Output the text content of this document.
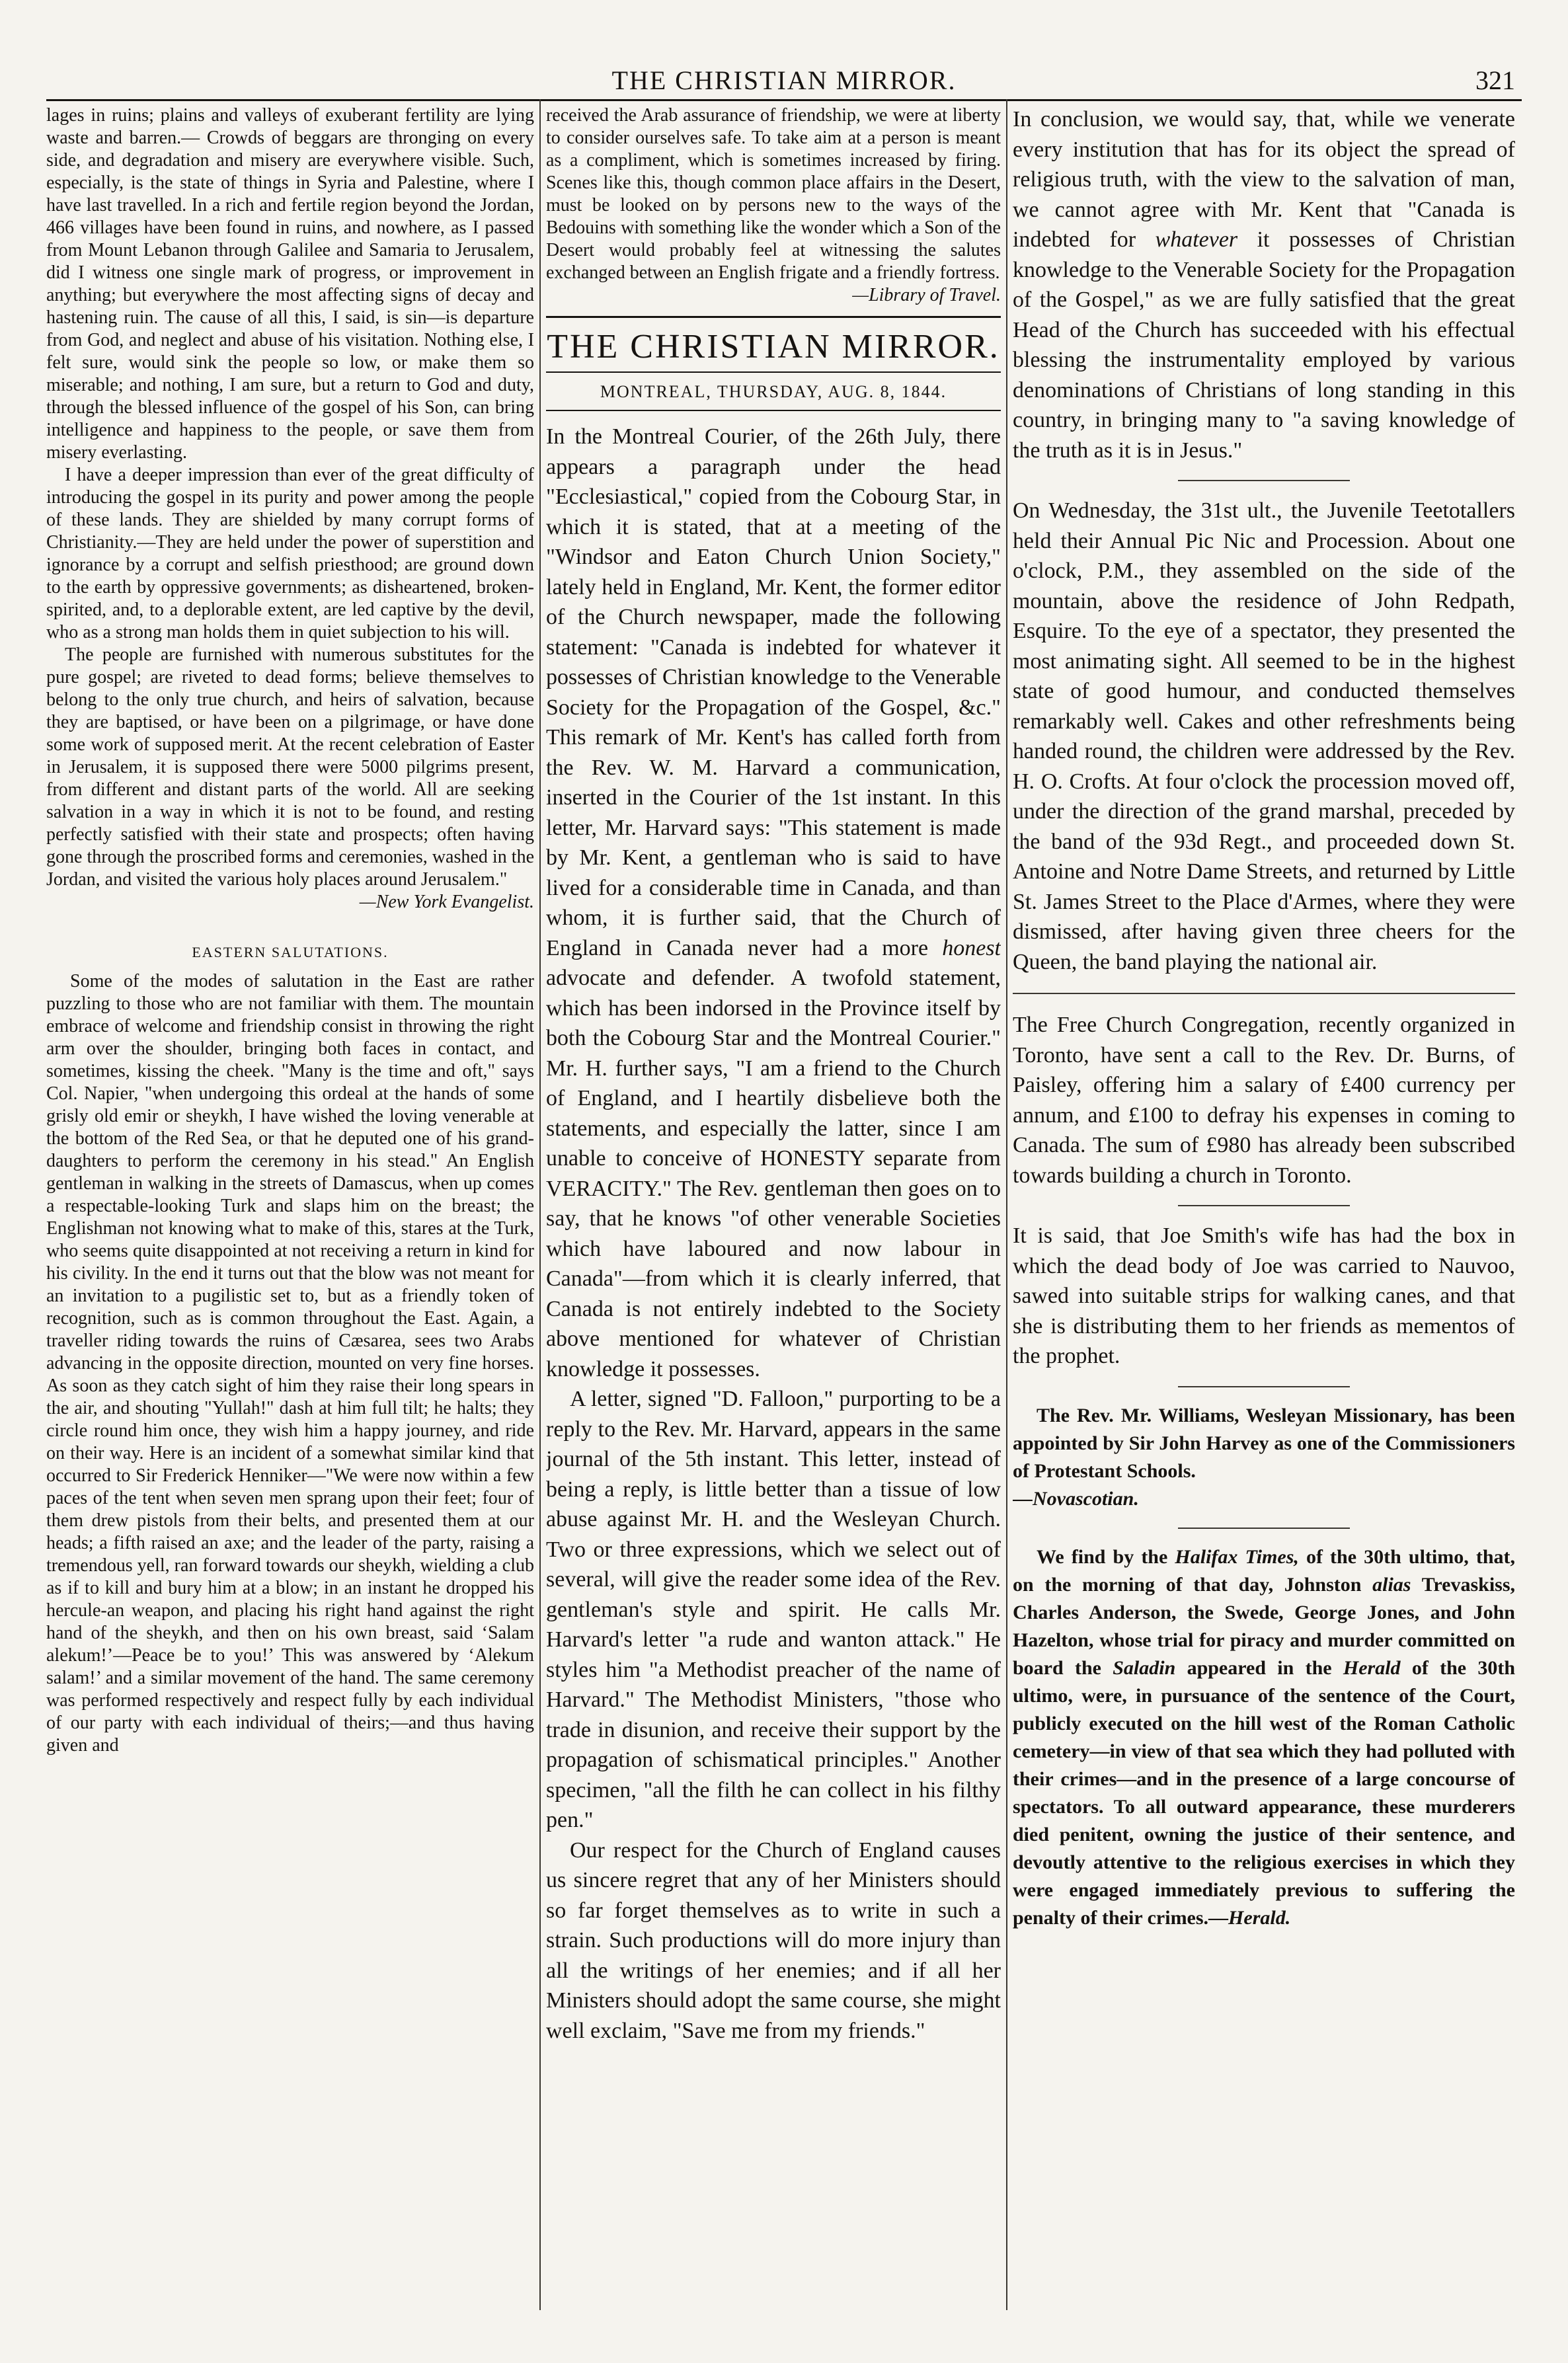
THE CHRISTIAN MIRROR.	321

lages in ruins; plains and valleys of exuberant fertility are lying waste and barren.— Crowds of beggars are thronging on every side, and degradation and misery are everywhere visible. Such, especially, is the state of things in Syria and Palestine, where I have last travelled. In a rich and fertile region beyond the Jordan, 466 villages have been found in ruins, and nowhere, as I passed from Mount Lebanon through Galilee and Samaria to Jerusalem, did I witness one single mark of progress, or improvement in anything; but everywhere the most affecting signs of decay and hastening ruin. The cause of all this, I said, is sin—is departure from God, and neglect and abuse of his visitation. Nothing else, I felt sure, would sink the people so low, or make them so miserable; and nothing, I am sure, but a return to God and duty, through the blessed influence of the gospel of his Son, can bring intelligence and happiness to the people, or save them from misery everlasting.

I have a deeper impression than ever of the great difficulty of introducing the gospel in its purity and power among the people of these lands. They are shielded by many corrupt forms of Christianity.—They are held under the power of superstition and ignorance by a corrupt and selfish priesthood; are ground down to the earth by oppressive governments; as disheartened, broken-spirited, and, to a deplorable extent, are led captive by the devil, who as a strong man holds them in quiet subjection to his will.

The people are furnished with numerous substitutes for the pure gospel; are riveted to dead forms; believe themselves to belong to the only true church, and heirs of salvation, because they are baptised, or have been on a pilgrimage, or have done some work of supposed merit. At the recent celebration of Easter in Jerusalem, it is supposed there were 5000 pilgrims present, from different and distant parts of the world. All are seeking salvation in a way in which it is not to be found, and resting perfectly satisfied with their state and prospects; often having gone through the proscribed forms and ceremonies, washed in the Jordan, and visited the various holy places around Jerusalem."

—New York Evangelist.

EASTERN SALUTATIONS.

Some of the modes of salutation in the East are rather puzzling to those who are not familiar with them. The mountain embrace of welcome and friendship consist in throwing the right arm over the shoulder, bringing both faces in contact, and sometimes, kissing the cheek. "Many is the time and oft," says Col. Napier, "when undergoing this ordeal at the hands of some grisly old emir or sheykh, I have wished the loving venerable at the bottom of the Red Sea, or that he deputed one of his grand-daughters to perform the ceremony in his stead." An English gentleman in walking in the streets of Damascus, when up comes a respectable-looking Turk and slaps him on the breast; the Englishman not knowing what to make of this, stares at the Turk, who seems quite disappointed at not receiving a return in kind for his civility. In the end it turns out that the blow was not meant for an invitation to a pugilistic set to, but as a friendly token of recognition, such as is common throughout the East. Again, a traveller riding towards the ruins of Cæsarea, sees two Arabs advancing in the opposite direction, mounted on very fine horses. As soon as they catch sight of him they raise their long spears in the air, and shouting "Yullah!" dash at him full tilt; he halts; they circle round him once, they wish him a happy journey, and ride on their way. Here is an incident of a somewhat similar kind that occurred to Sir Frederick Henniker—"We were now within a few paces of the tent when seven men sprang upon their feet; four of them drew pistols from their belts, and presented them at our heads; a fifth raised an axe; and the leader of the party, raising a tremendous yell, ran forward towards our sheykh, wielding a club as if to kill and bury him at a blow; in an instant he dropped his hercule-an weapon, and placing his right hand against the right hand of the sheykh, and then on his own breast, said ‘Salam alekum!’—Peace be to you!’ This was answered by ‘Alekum salam!’ and a similar movement of the hand. The same ceremony was performed respectively and respect fully by each individual of our party with each individual of theirs;—and thus having given and

received the Arab assurance of friendship, we were at liberty to consider ourselves safe. To take aim at a person is meant as a compliment, which is sometimes increased by firing. Scenes like this, though common place affairs in the Desert, must be looked on by persons new to the ways of the Bedouins with something like the wonder which a Son of the Desert would probably feel at witnessing the salutes exchanged between an English frigate and a friendly fortress.

—Library of Travel.

THE CHRISTIAN MIRROR.
MONTREAL, THURSDAY, AUG. 8, 1844.

In the Montreal Courier, of the 26th July, there appears a paragraph under the head "Ecclesiastical," copied from the Cobourg Star, in which it is stated, that at a meeting of the "Windsor and Eaton Church Union Society," lately held in England, Mr. Kent, the former editor of the Church newspaper, made the following statement: "Canada is indebted for whatever it possesses of Christian knowledge to the Venerable Society for the Propagation of the Gospel, &c." This remark of Mr. Kent's has called forth from the Rev. W. M. Harvard a communication, inserted in the Courier of the 1st instant. In this letter, Mr. Harvard says: "This statement is made by Mr. Kent, a gentleman who is said to have lived for a considerable time in Canada, and than whom, it is further said, that the Church of England in Canada never had a more honest advocate and defender. A twofold statement, which has been indorsed in the Province itself by both the Cobourg Star and the Montreal Courier." Mr. H. further says, "I am a friend to the Church of England, and I heartily disbelieve both the statements, and especially the latter, since I am unable to conceive of HONESTY separate from VERACITY." The Rev. gentleman then goes on to say, that he knows "of other venerable Societies which have laboured and now labour in Canada"—from which it is clearly inferred, that Canada is not entirely indebted to the Society above mentioned for whatever of Christian knowledge it possesses.

A letter, signed "D. Falloon," purporting to be a reply to the Rev. Mr. Harvard, appears in the same journal of the 5th instant. This letter, instead of being a reply, is little better than a tissue of low abuse against Mr. H. and the Wesleyan Church. Two or three expressions, which we select out of several, will give the reader some idea of the Rev. gentleman's style and spirit. He calls Mr. Harvard's letter "a rude and wanton attack." He styles him "a Methodist preacher of the name of Harvard." The Methodist Ministers, "those who trade in disunion, and receive their support by the propagation of schismatical principles." Another specimen, "all the filth he can collect in his filthy pen."

Our respect for the Church of England causes us sincere regret that any of her Ministers should so far forget themselves as to write in such a strain. Such productions will do more injury than all the writings of her enemies; and if all her Ministers should adopt the same course, she might well exclaim, "Save me from my friends."

In conclusion, we would say, that, while we venerate every institution that has for its object the spread of religious truth, with the view to the salvation of man, we cannot agree with Mr. Kent that "Canada is indebted for whatever it possesses of Christian knowledge to the Venerable Society for the Propagation of the Gospel," as we are fully satisfied that the great Head of the Church has succeeded with his effectual blessing the instrumentality employed by various denominations of Christians of long standing in this country, in bringing many to "a saving knowledge of the truth as it is in Jesus."

On Wednesday, the 31st ult., the Juvenile Teetotallers held their Annual Pic Nic and Procession. About one o'clock, P.M., they assembled on the side of the mountain, above the residence of John Redpath, Esquire. To the eye of a spectator, they presented the most animating sight. All seemed to be in the highest state of good humour, and conducted themselves remarkably well. Cakes and other refreshments being handed round, the children were addressed by the Rev. H. O. Crofts. At four o'clock the procession moved off, under the direction of the grand marshal, preceded by the band of the 93d Regt., and proceeded down St. Antoine and Notre Dame Streets, and returned by Little St. James Street to the Place d'Armes, where they were dismissed, after having given three cheers for the Queen, the band playing the national air.

The Free Church Congregation, recently organized in Toronto, have sent a call to the Rev. Dr. Burns, of Paisley, offering him a salary of £400 currency per annum, and £100 to defray his expenses in coming to Canada. The sum of £980 has already been subscribed towards building a church in Toronto.

It is said, that Joe Smith's wife has had the box in which the dead body of Joe was carried to Nauvoo, sawed into suitable strips for walking canes, and that she is distributing them to her friends as mementos of the prophet.

The Rev. Mr. Williams, Wesleyan Missionary, has been appointed by Sir John Harvey as one of the Commissioners of Protestant Schools.
—Novascotian.

We find by the Halifax Times, of the 30th ultimo, that, on the morning of that day, Johnston alias Trevaskiss, Charles Anderson, the Swede, George Jones, and John Hazelton, whose trial for piracy and murder committed on board the Saladin appeared in the Herald of the 30th ultimo, were, in pursuance of the sentence of the Court, publicly executed on the hill west of the Roman Catholic cemetery—in view of that sea which they had polluted with their crimes—and in the presence of a large concourse of spectators. To all outward appearance, these murderers died penitent, owning the justice of their sentence, and devoutly attentive to the religious exercises in which they were engaged immediately previous to suffering the penalty of their crimes.—Herald.
